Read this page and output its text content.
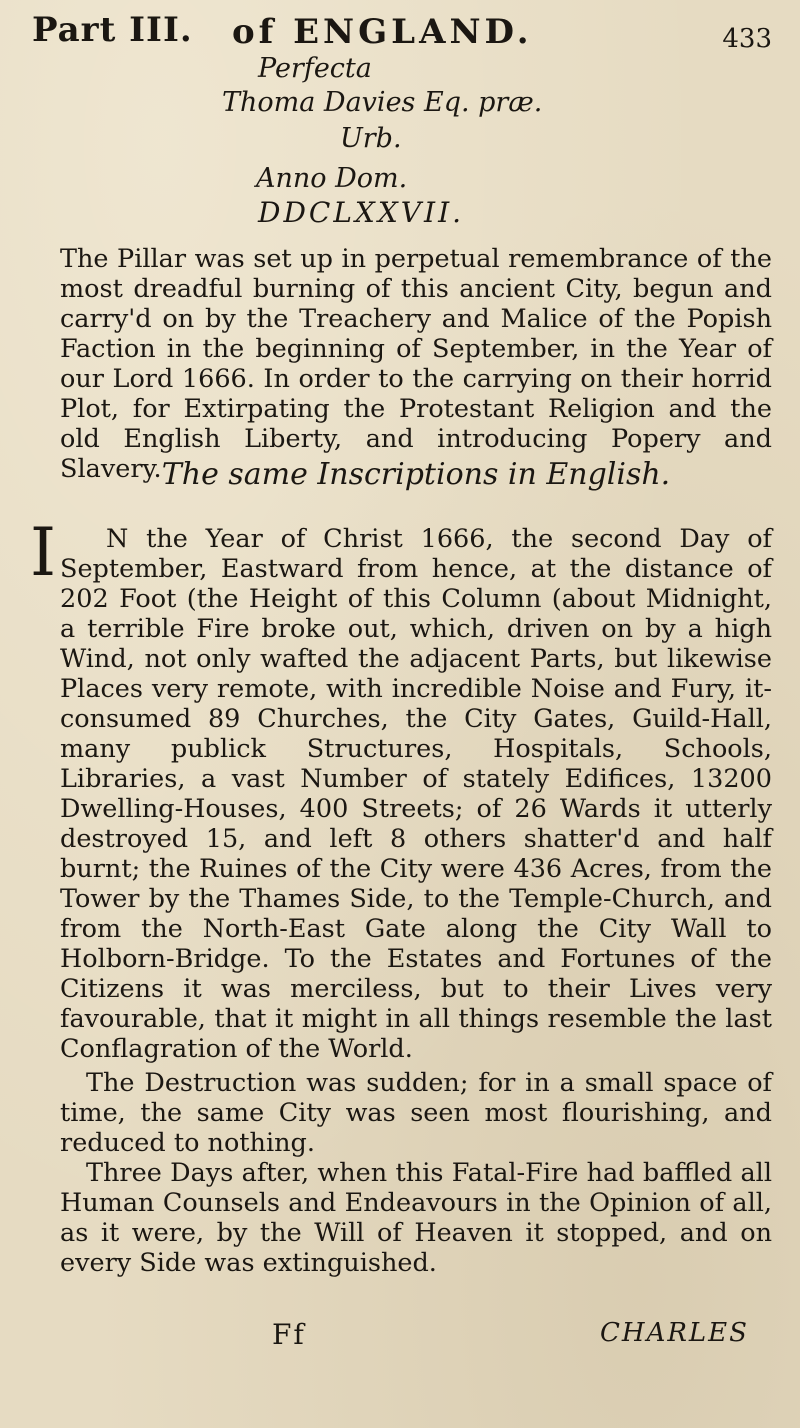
Part III. of ENGLAND.	433
Perfecta
Thoma Davies Eq. præ.
Urb.
Anno Dom.
DDCLXXVII.

The Pillar was set up in perpetual remembrance of the most dreadful burning of this ancient City, begun and carry'd on by the Treachery and Malice of the Popish Faction in the beginning of September, in the Year of our Lord 1666. In order to the carrying on their horrid Plot, for Extirpating the Protestant Religion and the old English Liberty, and introducing Popery and Slavery. The same Inscriptions in English.

I	N the Year of Christ 1666, the second Day of September, Eastward from hence, at the distance of 202 Foot (the Height of this Column (about Midnight, a terrible Fire broke out, which, driven on by a high Wind, not only wafted the adjacent Parts, but likewise Places very remote, with incredible Noise and Fury, it-consumed 89 Churches, the City Gates, Guild-Hall, many publick Structures, Hospitals, Schools, Libraries, a vast Number of stately Edifices, 13200 Dwelling-Houses, 400 Streets; of 26 Wards it utterly destroyed 15, and left 8 others shatter'd and half burnt; the Ruines of the City were 436 Acres, from the Tower by the Thames Side, to the Temple-Church, and from the North-East Gate along the City Wall to Holborn-Bridge. To the Estates and Fortunes of the Citizens it was merciless, but to their Lives very favourable, that it might in all things resemble the last Conflagration of the World.

The Destruction was sudden; for in a small space of time, the same City was seen most flourishing, and reduced to nothing.

Three Days after, when this Fatal-Fire had baffled all Human Counsels and Endeavours in the Opinion of all, as it were, by the Will of Heaven it stopped, and on every Side was extinguished.

Ff	CHARLES
